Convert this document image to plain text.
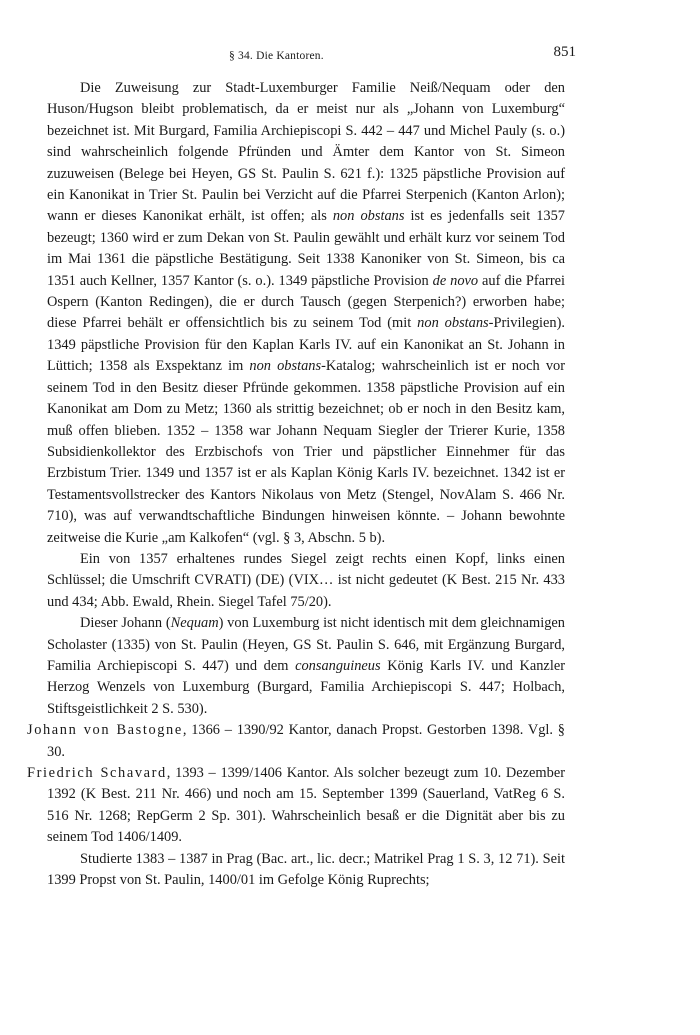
§ 34. Die Kantoren.	851

Die Zuweisung zur Stadt-Luxemburger Familie Neiß/Nequam oder den Huson/Hugson bleibt problematisch, da er meist nur als „Johann von Luxemburg“ bezeichnet ist. Mit Burgard, Familia Archiepiscopi S. 442 – 447 und Michel Pauly (s. o.) sind wahrscheinlich folgende Pfründen und Ämter dem Kantor von St. Simeon zuzuweisen (Belege bei Heyen, GS St. Paulin S. 621 f.): 1325 päpstliche Provision auf ein Kanonikat in Trier St. Paulin bei Verzicht auf die Pfarrei Sterpenich (Kanton Arlon); wann er dieses Kanonikat erhält, ist offen; als non obstans ist es jedenfalls seit 1357 bezeugt; 1360 wird er zum Dekan von St. Paulin gewählt und erhält kurz vor seinem Tod im Mai 1361 die päpstliche Bestätigung. Seit 1338 Kanoniker von St. Simeon, bis ca 1351 auch Kellner, 1357 Kantor (s. o.). 1349 päpstliche Provision de novo auf die Pfarrei Ospern (Kanton Redingen), die er durch Tausch (gegen Sterpenich?) erworben habe; diese Pfarrei behält er offensichtlich bis zu seinem Tod (mit non obstans-Privilegien). 1349 päpstliche Provision für den Kaplan Karls IV. auf ein Kanonikat an St. Johann in Lüttich; 1358 als Exspektanz im non obstans-Katalog; wahrscheinlich ist er noch vor seinem Tod in den Besitz dieser Pfründe gekommen. 1358 päpstliche Provision auf ein Kanonikat am Dom zu Metz; 1360 als strittig bezeichnet; ob er noch in den Besitz kam, muß offen blieben. 1352 – 1358 war Johann Nequam Siegler der Trierer Kurie, 1358 Subsidienkollektor des Erzbischofs von Trier und päpstlicher Einnehmer für das Erzbistum Trier. 1349 und 1357 ist er als Kaplan König Karls IV. bezeichnet. 1342 ist er Testamentsvollstrecker des Kantors Nikolaus von Metz (Stengel, NovAlam S. 466 Nr. 710), was auf verwandtschaftliche Bindungen hinweisen könnte. – Johann bewohnte zeitweise die Kurie „am Kalkofen“ (vgl. § 3, Abschn. 5 b).

Ein von 1357 erhaltenes rundes Siegel zeigt rechts einen Kopf, links einen Schlüssel; die Umschrift CVRATI) (DE) (VIX… ist nicht gedeutet (K Best. 215 Nr. 433 und 434; Abb. Ewald, Rhein. Siegel Tafel 75/20).

Dieser Johann (Nequam) von Luxemburg ist nicht identisch mit dem gleichnamigen Scholaster (1335) von St. Paulin (Heyen, GS St. Paulin S. 646, mit Ergänzung Burgard, Familia Archiepiscopi S. 447) und dem consanguineus König Karls IV. und Kanzler Herzog Wenzels von Luxemburg (Burgard, Familia Archiepiscopi S. 447; Holbach, Stiftsgeistlichkeit 2 S. 530).

Johann von Bastogne, 1366 – 1390/92 Kantor, danach Propst. Gestorben 1398. Vgl. § 30.

Friedrich Schavard, 1393 – 1399/1406 Kantor. Als solcher bezeugt zum 10. Dezember 1392 (K Best. 211 Nr. 466) und noch am 15. September 1399 (Sauerland, VatReg 6 S. 516 Nr. 1268; RepGerm 2 Sp. 301). Wahrscheinlich besaß er die Dignität aber bis zu seinem Tod 1406/1409.

Studierte 1383 – 1387 in Prag (Bac. art., lic. decr.; Matrikel Prag 1 S. 3, 12 71). Seit 1399 Propst von St. Paulin, 1400/01 im Gefolge König Ruprechts;
